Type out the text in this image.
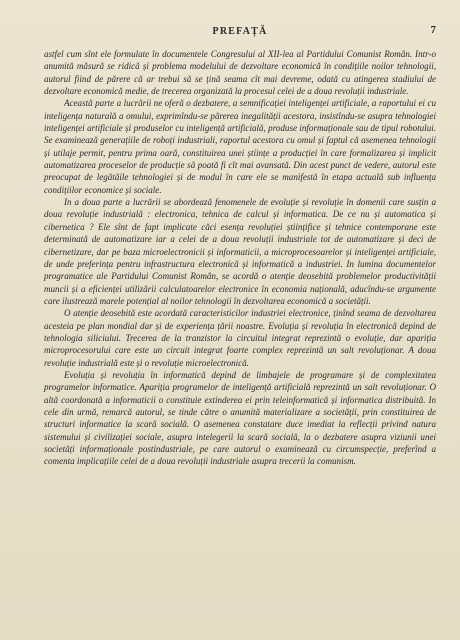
PREFAȚĂ	7

astfel cum sînt ele formulate în documentele Congresului al XII-lea al Partidului Comunist Român. Intr-o anumită măsură se ridică și problema modelului de dezvoltare economică în condițiile noilor tehnologii, autorul fiind de părere că ar trebui să se țină seama cît mai devreme, odată cu atingerea stadiului de dezvoltare economică medie, de trecerea organizată la procesul celei de a doua revoluții industriale.

Această parte a lucrării ne oferă o dezbatere, a semnificației inteligenței artificiale, a raportului ei cu inteligența naturală a omului, exprimîndu-se părerea inegalității acestora, insistîndu-se asupra tehnologiei inteligenței artificiale și produselor cu inteligență artificială, produse informaționale sau de tipul robotului. Se examinează generațiile de roboți industriali, raportul acestora cu omul și faptul că asemenea tehnologii și utilaje permit, pentru prima oară, constituirea unei științe a producției în care formalizarea și implicit automatizarea proceselor de producție să poată fi cît mai avansată. Din acest punct de vedere, autorul este preocupat de legătăile tehnologiei și de modul în care ele se manifestă în etapa actuală sub influența condițiilor economice și sociale.

In a doua parte a lucrării se abordează fenomenele de evoluție și revoluție în domenii care susțin a doua revoluție industrială : electronica, tehnica de calcul și informatica. De ce nu și automatica și cibernetica ? Ele sînt de fapt implicate căci esența revoluției științifice și tehnice contemporane este determinată de automatizare iar a celei de a doua revoluții industriale tot de automatizare și deci de cibernetizare, dar pe baza microelectronicii și informaticii, a microprocesoarelor și inteligenței artificiale, de unde preferința pentru infrastructura electronică și informatică a industriei. In lumina documentelor programatice ale Partidului Comunist Român, se acordă o atenție deosebită problemelor productivității muncii și a eficienței utilizării calculatoarelor electronice în economia națională, aducîndu-se argumente care ilustrează marele potențial al noilor tehnologii în dezvoltarea economică a societății.

O atenție deosebită este acordată caracteristicilor industriei electronice, ținînd seama de dezvoltarea acesteia pe plan mondial dar și de experiența țării noastre. Evoluția și revoluția în electronică depind de tehnologia siliciului. Trecerea de la tranzistor la circuitul integrat reprezintă o evoluție, dar apariția microprocesorului care este un circuit integrat foarte complex reprezintă un salt revoluționar. A doua revoluție industrială este și o revoluție microelectronică.

Evoluția și revoluția în informatică depind de limbajele de programare și de complexitatea programelor informatice. Apariția programelor de inteligență artificială reprezintă un salt revoluționar. O altă coordonată a informaticii o constituie extinderea ei prin teleinformatică și informatica distribuită. In cele din urmă, remarcă autorul, se tinde către o anumită materializare a societății, prin constituirea de structuri informatice la scară socială. O asemenea constatare duce imediat la reflecții privind natura sistemului și civilizației sociale, asupra intelegerii la scară socială, la o dezbatere asupra viziunii unei societăți informaționale postindustriale, pe care autorul o examinează cu circumspecție, preferînd a comenta implicațiile celei de a doua revoluții industriale asupra trecerii la comunism.
